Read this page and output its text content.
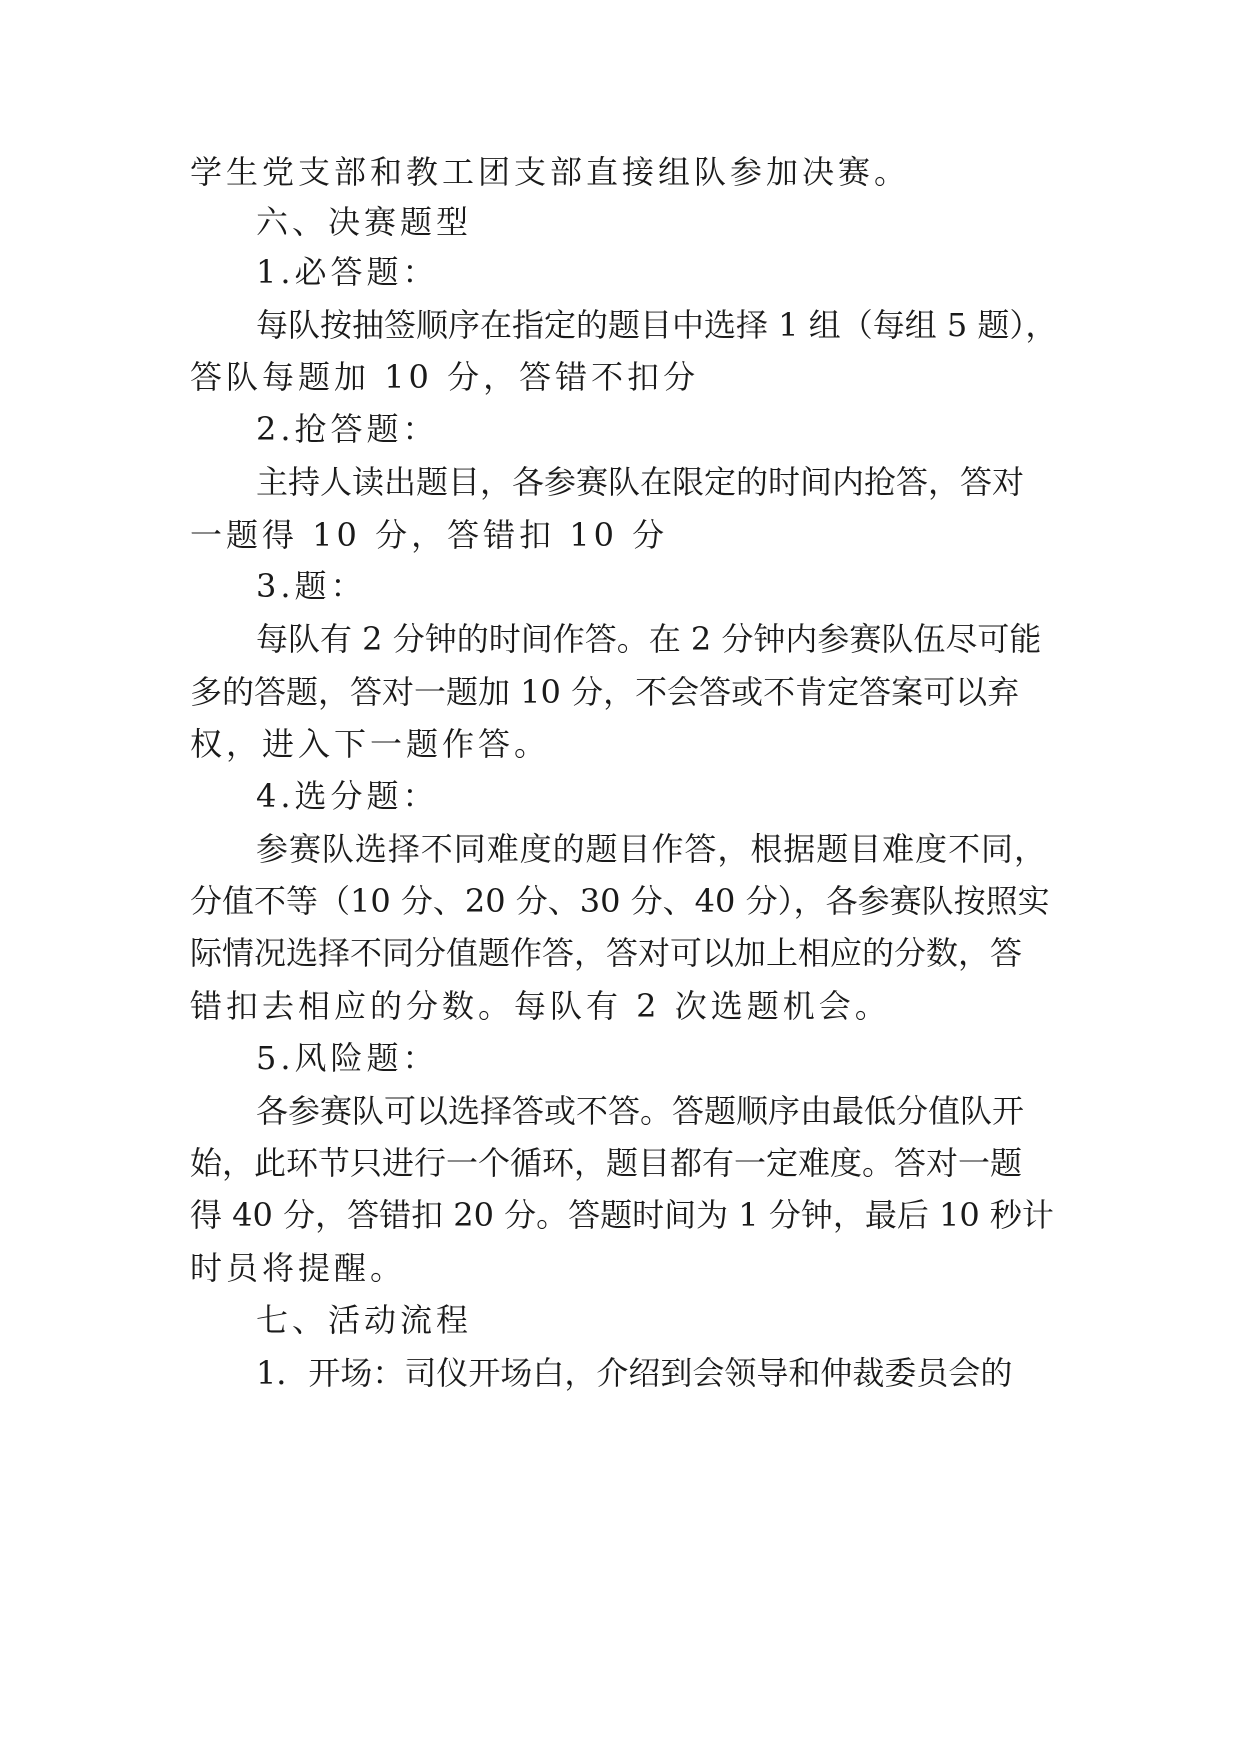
学生党支部和教工团支部直接组队参加决赛。
六、决赛题型
1.必答题：
每队按抽签顺序在指定的题目中选择 1 组（每组 5 题），
答队每题加 10 分，答错不扣分
2.抢答题：
主持人读出题目，各参赛队在限定的时间内抢答，答对
一题得 10 分，答错扣 10 分
3.题：
每队有 2 分钟的时间作答。在 2 分钟内参赛队伍尽可能
多的答题，答对一题加 10 分，不会答或不肯定答案可以弃
权，进入下一题作答。
4.选分题：
参赛队选择不同难度的题目作答，根据题目难度不同，
分值不等（10 分、20 分、30 分、40 分），各参赛队按照实
际情况选择不同分值题作答，答对可以加上相应的分数，答
错扣去相应的分数。每队有 2 次选题机会。
5.风险题：
各参赛队可以选择答或不答。答题顺序由最低分值队开
始，此环节只进行一个循环，题目都有一定难度。答对一题
得 40 分，答错扣 20 分。答题时间为 1 分钟，最后 10 秒计
时员将提醒。
七、活动流程
1．开场：司仪开场白，介绍到会领导和仲裁委员会的
